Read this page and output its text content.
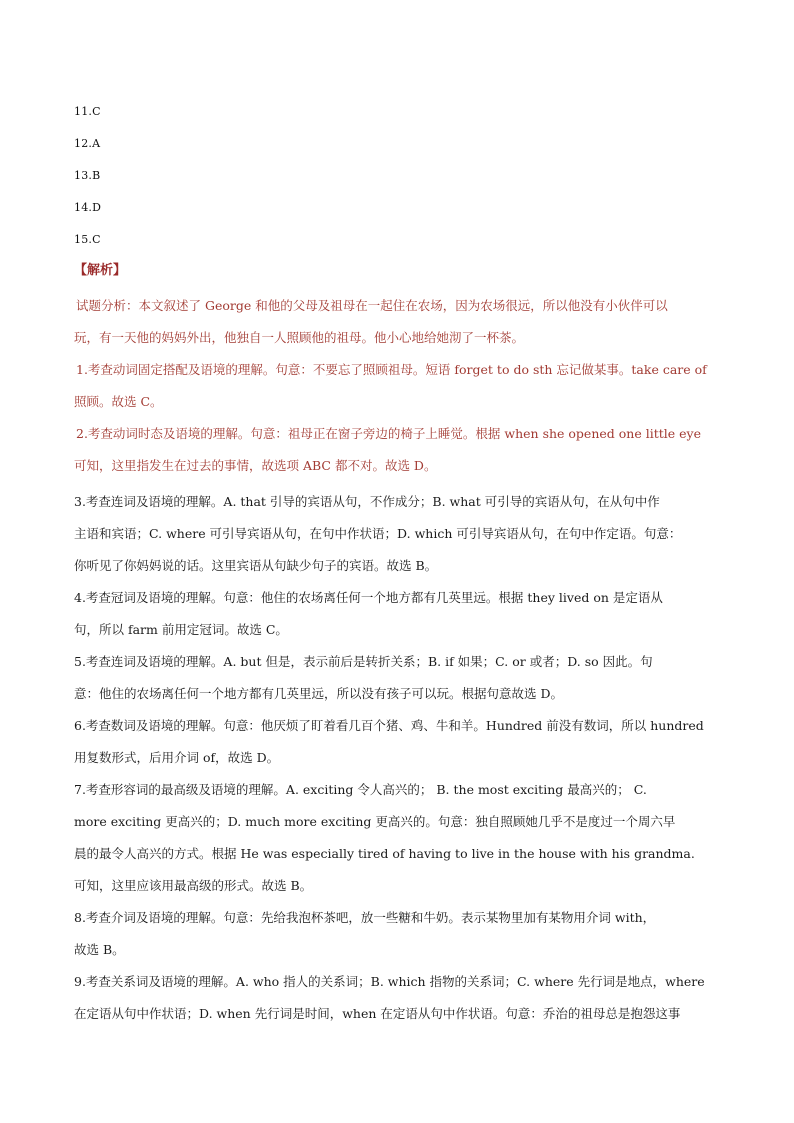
11.C
12.A
13.B
14.D
15.C
【解析】
试题分析：本文叙述了 George 和他的父母及祖母在一起住在农场，因为农场很远，所以他没有小伙伴可以
玩，有一天他的妈妈外出，他独自一人照顾他的祖母。他小心地给她沏了一杯茶。
1.考查动词固定搭配及语境的理解。句意：不要忘了照顾祖母。短语 forget to do sth 忘记做某事。take care of
照顾。故选 C。
2.考查动词时态及语境的理解。句意：祖母正在窗子旁边的椅子上睡觉。根据 when she opened one little eye
可知，这里指发生在过去的事情，故选项 ABC 都不对。故选 D。
3.考查连词及语境的理解。A. that 引导的宾语从句，不作成分；B. what 可引导的宾语从句，在从句中作
主语和宾语；C. where 可引导宾语从句，在句中作状语；D. which 可引导宾语从句，在句中作定语。句意：
你听见了你妈妈说的话。这里宾语从句缺少句子的宾语。故选 B。
4.考查冠词及语境的理解。句意：他住的农场离任何一个地方都有几英里远。根据 they lived on 是定语从
句，所以 farm 前用定冠词。故选 C。
5.考查连词及语境的理解。A. but 但是，表示前后是转折关系；B. if 如果；C. or 或者；D. so 因此。句
意：他住的农场离任何一个地方都有几英里远，所以没有孩子可以玩。根据句意故选 D。
6.考查数词及语境的理解。句意：他厌烦了盯着看几百个猪、鸡、牛和羊。Hundred 前没有数词，所以 hundred
用复数形式，后用介词 of，故选 D。
7.考查形容词的最高级及语境的理解。A. exciting 令人高兴的； B. the most exciting 最高兴的； C.
more exciting 更高兴的；D. much more exciting 更高兴的。句意：独自照顾她几乎不是度过一个周六早
晨的最令人高兴的方式。根据 He was especially tired of having to live in the house with his grandma.
可知，这里应该用最高级的形式。故选 B。
8.考查介词及语境的理解。句意：先给我泡杯茶吧，放一些糖和牛奶。表示某物里加有某物用介词 with，
故选 B。
9.考查关系词及语境的理解。A. who 指人的关系词；B. which 指物的关系词；C. where 先行词是地点，where
在定语从句中作状语；D. when 先行词是时间，when 在定语从句中作状语。句意：乔治的祖母总是抱怨这事
